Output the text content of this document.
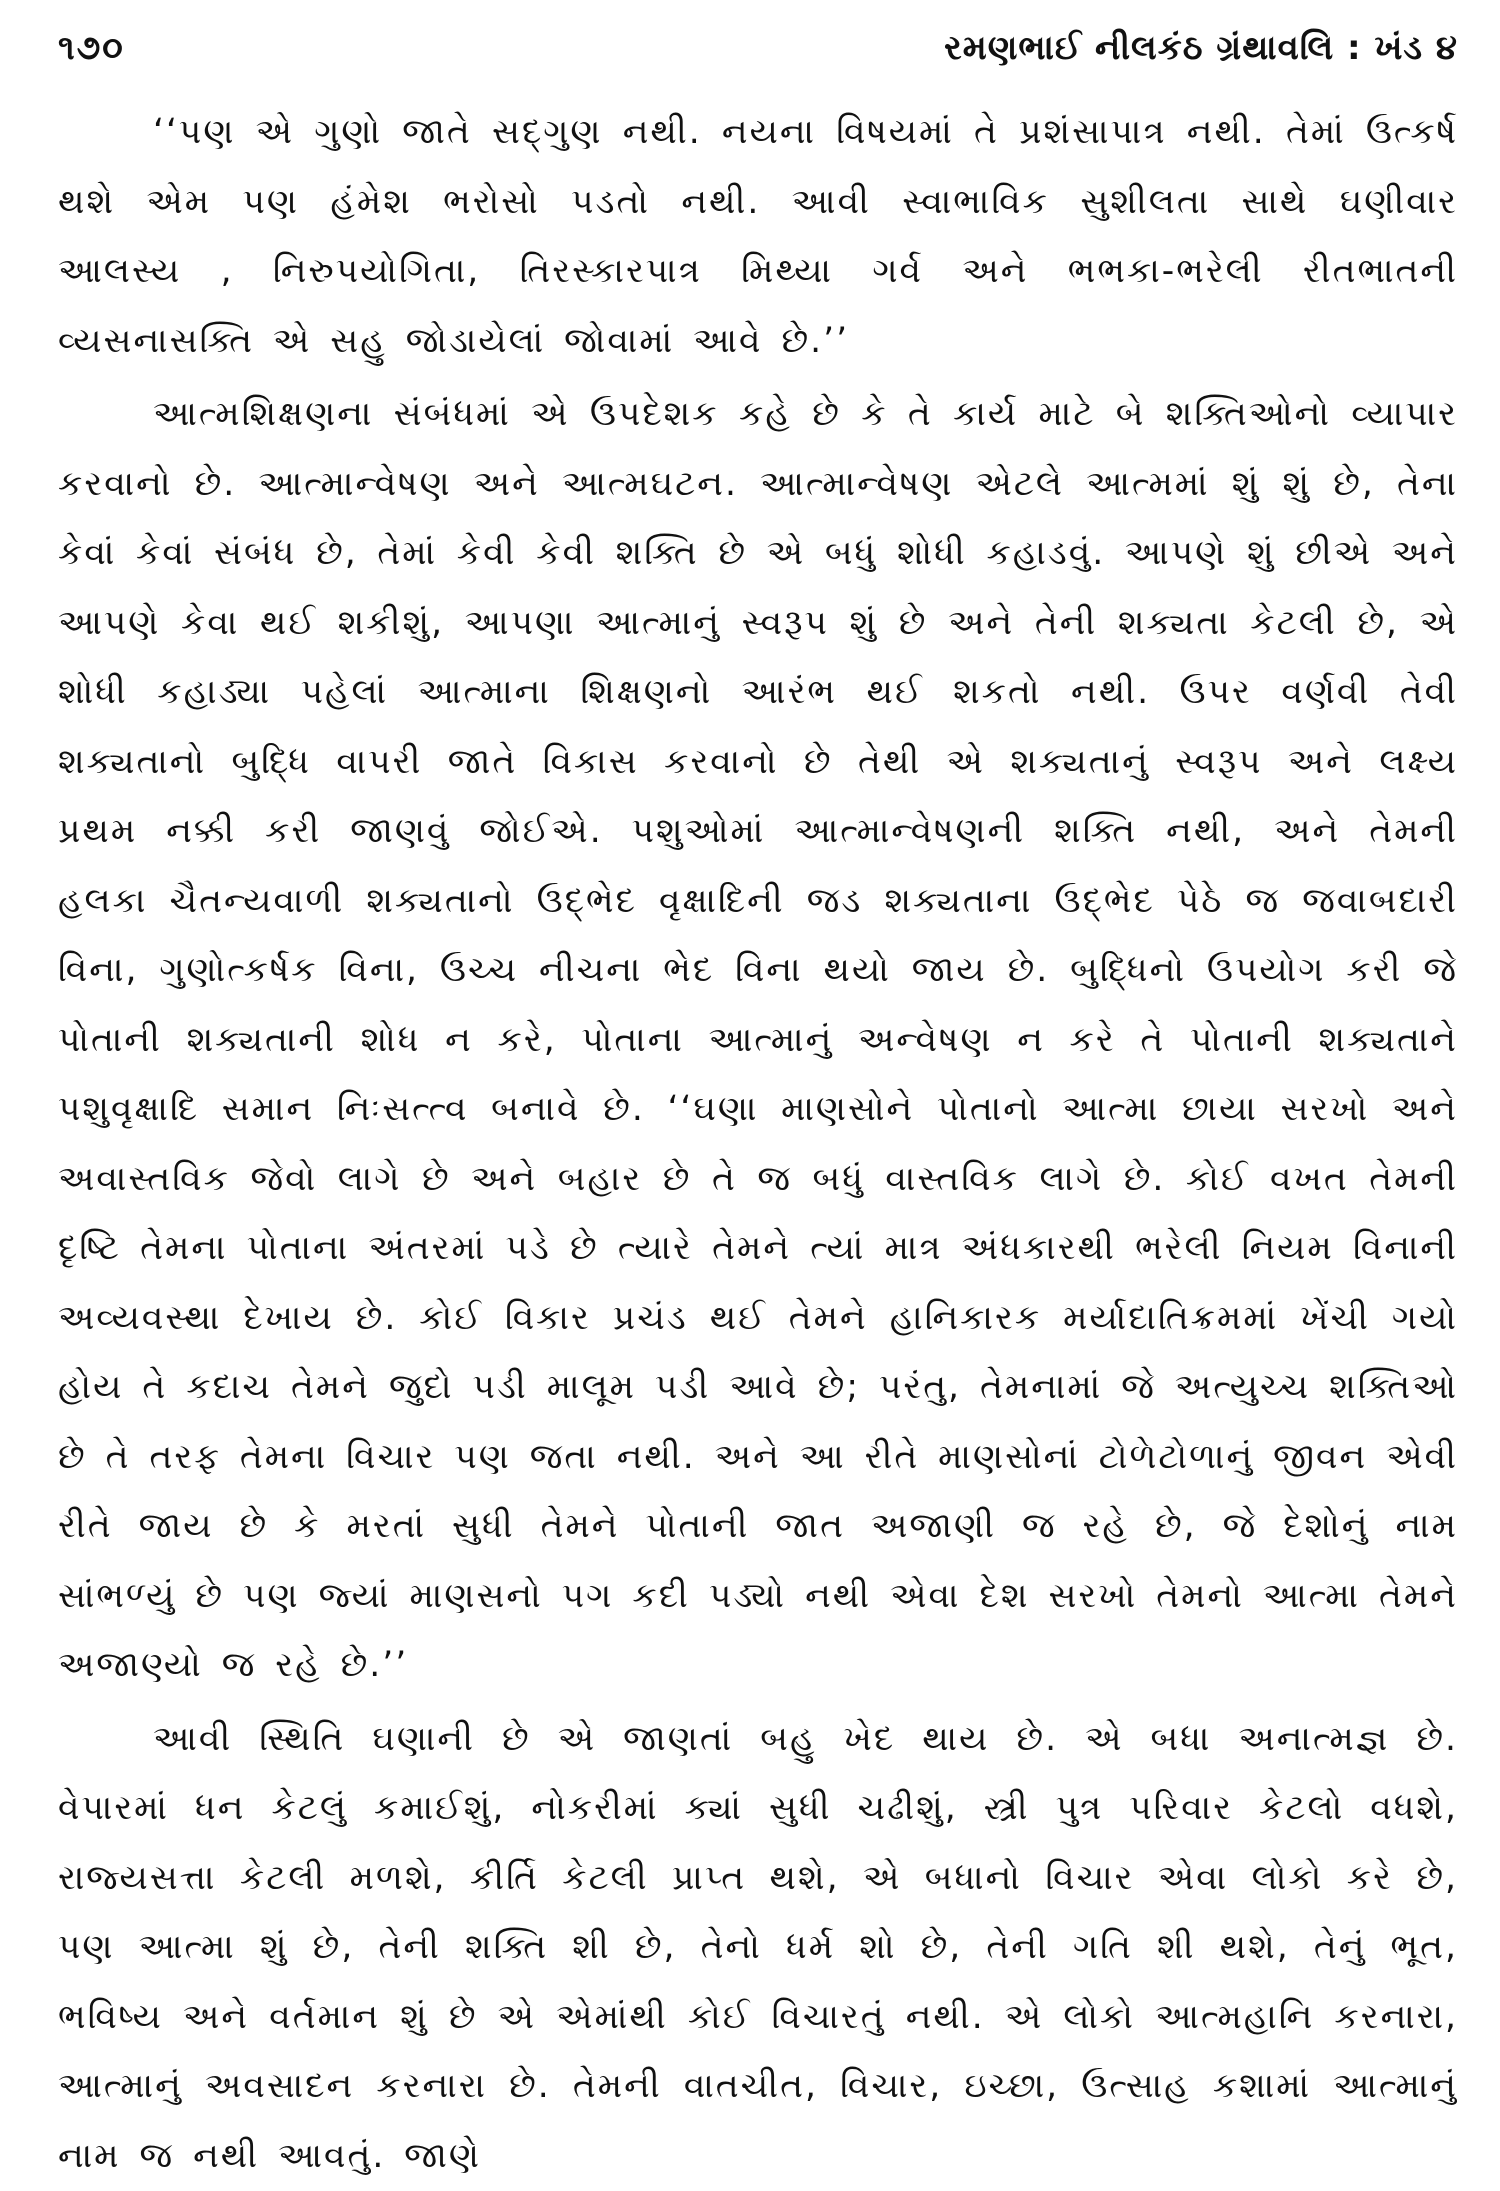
૧૭૦	રમણભાઈ નીલકંઠ ગ્રંથાવલિ : ખંડ ૪

‘‘પણ એ ગુણો જાતે સદ્ગુણ નથી. નયના વિષયમાં તે પ્રશંસાપાત્ર નથી. તેમાં ઉત્કર્ષ થશે એમ પણ હંમેશ ભરોસો પડતો નથી. આવી સ્વાભાવિક સુશીલતા સાથે ઘણીવાર આલસ્ય , નિરુપયોગિતા, તિરસ્કારપાત્ર મિથ્યા ગર્વ અને ભભકા-ભરેલી રીતભાતની વ્યસનાસક્તિ એ સહુ જોડાયેલાં જોવામાં આવે છે.’’

આત્મશિક્ષણના સંબંધમાં એ ઉપદેશક કહે છે કે તે કાર્ય માટે બે શક્તિઓનો વ્યાપાર કરવાનો છે. આત્માન્વેષણ અને આત્મઘટન. આત્માન્વેષણ એટલે આત્મમાં શું શું છે, તેના કેવાં કેવાં સંબંધ છે, તેમાં કેવી કેવી શક્તિ છે એ બધું શોધી કહાડવું. આપણે શું છીએ અને આપણે કેવા થઈ શકીશું, આપણા આત્માનું સ્વરૂપ શું છે અને તેની શક્યતા કેટલી છે, એ શોધી કહાડ્યા પહેલાં આત્માના શિક્ષણનો આરંભ થઈ શકતો નથી. ઉપર વર્ણવી તેવી શક્યતાનો બુદ્ધિ વાપરી જાતે વિકાસ કરવાનો છે તેથી એ શક્યતાનું સ્વરૂપ અને લક્ષ્ય પ્રથમ નક્કી કરી જાણવું જોઈએ. પશુઓમાં આત્માન્વેષણની શક્તિ નથી, અને તેમની હલકા ચૈતન્યવાળી શક્યતાનો ઉદ્ભેદ વૃક્ષાદિની જડ શક્યતાના ઉદ્ભેદ પેઠે જ જવાબદારી વિના, ગુણોત્કર્ષક વિના, ઉચ્ચ નીચના ભેદ વિના થયો જાય છે. બુદ્ધિનો ઉપયોગ કરી જે પોતાની શક્યતાની શોધ ન કરે, પોતાના આત્માનું અન્વેષણ ન કરે તે પોતાની શક્યતાને પશુવૃક્ષાદિ સમાન નિઃસત્ત્વ બનાવે છે. ‘‘ઘણા માણસોને પોતાનો આત્મા છાયા સરખો અને અવાસ્તવિક જેવો લાગે છે અને બહાર છે તે જ બધું વાસ્તવિક લાગે છે. કોઈ વખત તેમની દૃષ્ટિ તેમના પોતાના અંતરમાં પડે છે ત્યારે તેમને ત્યાં માત્ર અંધકારથી ભરેલી નિયમ વિનાની અવ્યવસ્થા દેખાય છે. કોઈ વિકાર પ્રચંડ થઈ તેમને હાનિકારક મર્યાદાતિક્રમમાં ખેંચી ગયો હોય તે કદાચ તેમને જુદો પડી માલૂમ પડી આવે છે; પરંતુ, તેમનામાં જે અત્યુચ્ચ શક્તિઓ છે તે તરફ તેમના વિચાર પણ જતા નથી. અને આ રીતે માણસોનાં ટોળેટોળાનું જીવન એવી રીતે જાય છે કે મરતાં સુધી તેમને પોતાની જાત અજાણી જ રહે છે, જે દેશોનું નામ સાંભળ્યું છે પણ જ્યાં માણસનો પગ કદી પડ્યો નથી એવા દેશ સરખો તેમનો આત્મા તેમને અજાણ્યો જ રહે છે.’’

આવી સ્થિતિ ઘણાની છે એ જાણતાં બહુ ખેદ થાય છે. એ બધા અનાત્મજ્ઞ છે. વેપારમાં ધન કેટલું કમાઈશું, નોકરીમાં ક્યાં સુધી ચઢીશું, સ્ત્રી પુત્ર પરિવાર કેટલો વધશે, રાજ્યસત્તા કેટલી મળશે, કીર્તિ કેટલી પ્રાપ્ત થશે, એ બધાનો વિચાર એવા લોકો કરે છે, પણ આત્મા શું છે, તેની શક્તિ શી છે, તેનો ધર્મ શો છે, તેની ગતિ શી થશે, તેનું ભૂત, ભવિષ્ય અને વર્તમાન શું છે એ એમાંથી કોઈ વિચારતું નથી. એ લોકો આત્મહાનિ કરનારા, આત્માનું અવસાદન કરનારા છે. તેમની વાતચીત, વિચાર, ઇચ્છા, ઉત્સાહ કશામાં આત્માનું નામ જ નથી આવતું. જાણે
